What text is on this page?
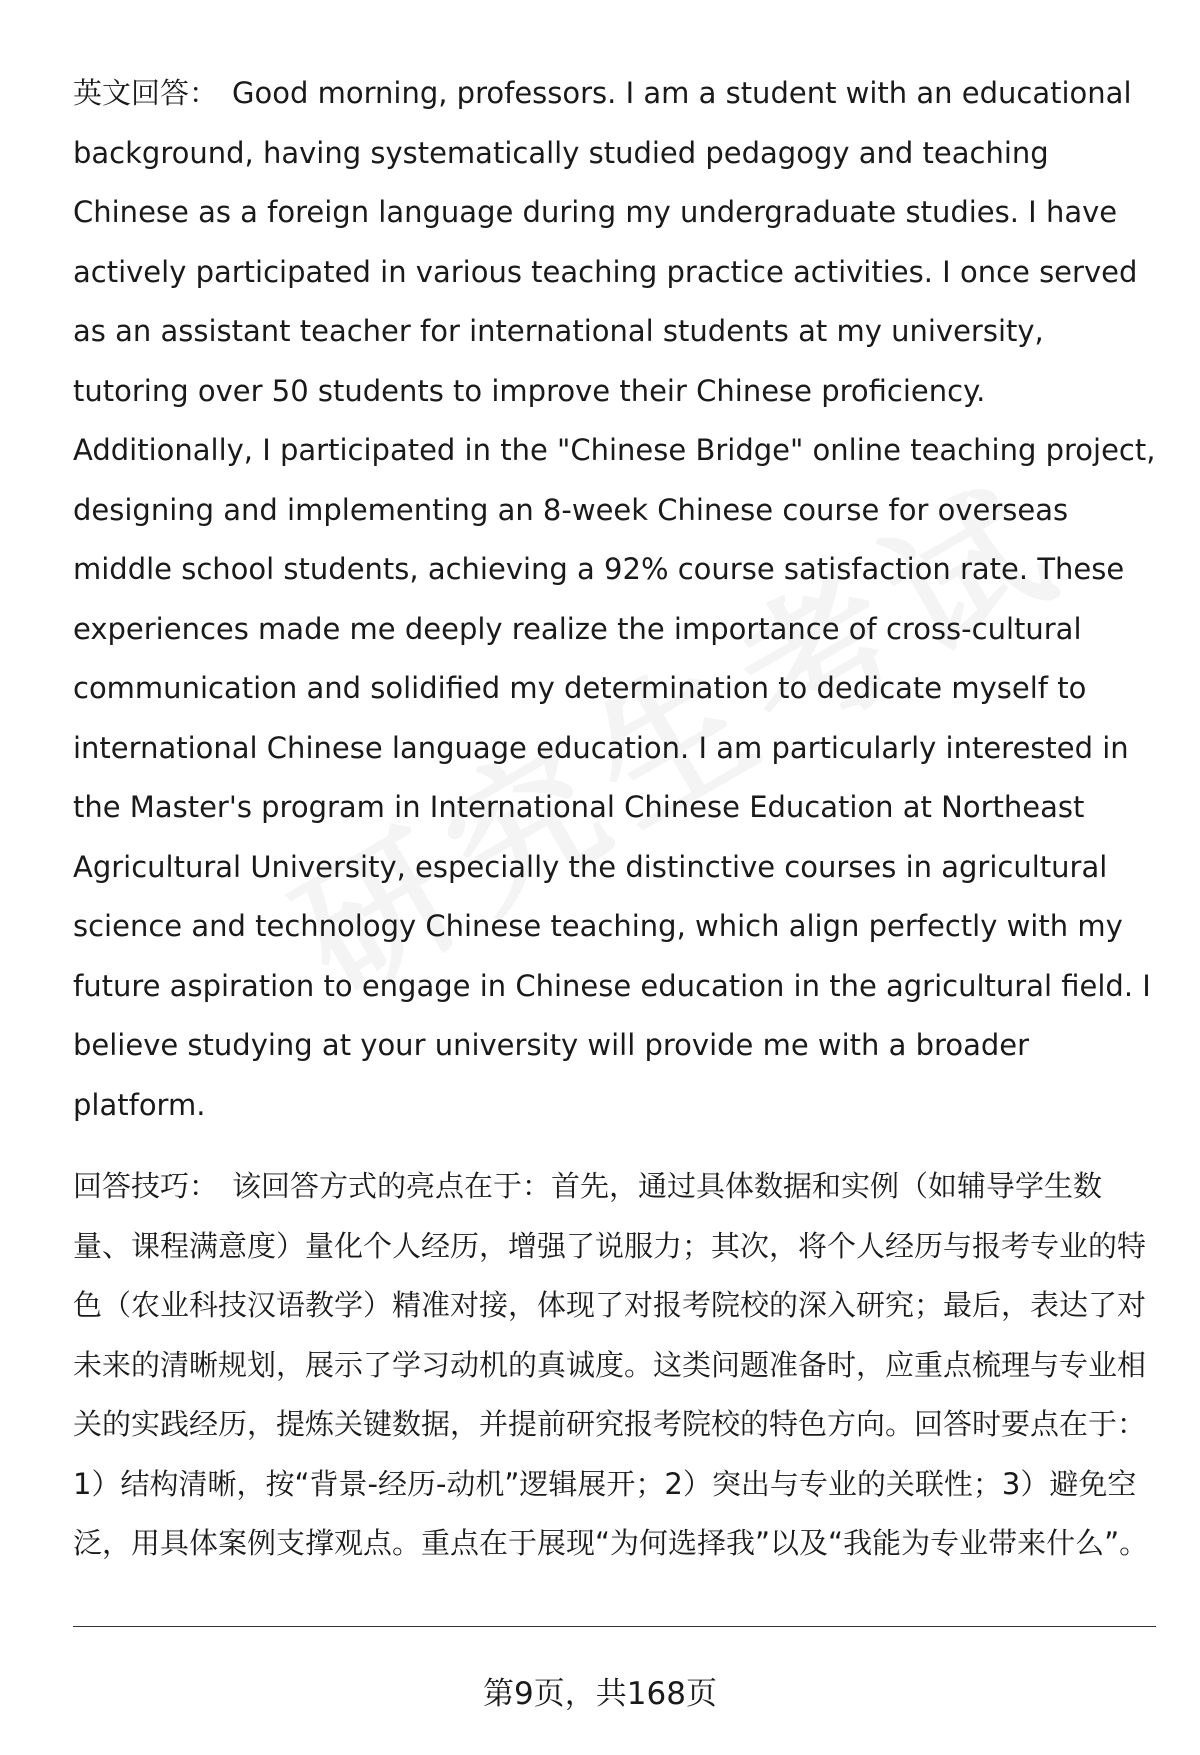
英文回答： Good morning, professors. I am a student with an educational background, having systematically studied pedagogy and teaching Chinese as a foreign language during my undergraduate studies. I have actively participated in various teaching practice activities. I once served as an assistant teacher for international students at my university, tutoring over 50 students to improve their Chinese proficiency. Additionally, I participated in the "Chinese Bridge" online teaching project, designing and implementing an 8-week Chinese course for overseas middle school students, achieving a 92% course satisfaction rate. These experiences made me deeply realize the importance of cross-cultural communication and solidified my determination to dedicate myself to international Chinese language education. I am particularly interested in the Master's program in International Chinese Education at Northeast Agricultural University, especially the distinctive courses in agricultural science and technology Chinese teaching, which align perfectly with my future aspiration to engage in Chinese education in the agricultural field. I believe studying at your university will provide me with a broader platform.

回答技巧： 该回答方式的亮点在于：首先，通过具体数据和实例（如辅导学生数量、课程满意度）量化个人经历，增强了说服力；其次，将个人经历与报考专业的特色（农业科技汉语教学）精准对接，体现了对报考院校的深入研究；最后，表达了对未来的清晰规划，展示了学习动机的真诚度。这类问题准备时，应重点梳理与专业相关的实践经历，提炼关键数据，并提前研究报考院校的特色方向。回答时要点在于：1）结构清晰，按“背景-经历-动机”逻辑展开；2）突出与专业的关联性；3）避免空泛，用具体案例支撑观点。重点在于展现“为何选择我”以及“我能为专业带来什么”。

第9页，共168页
